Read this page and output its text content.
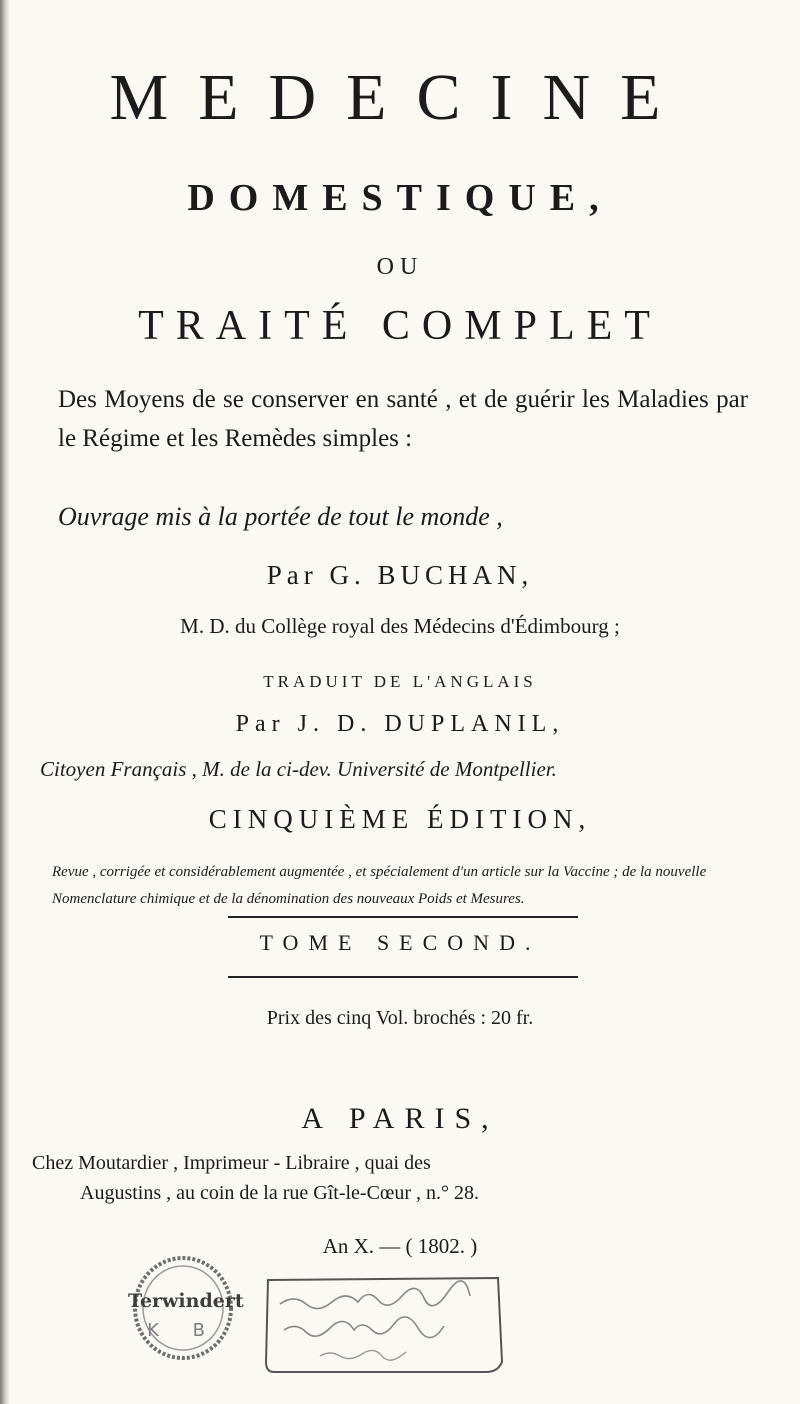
MEDECINE
DOMESTIQUE,
OU
TRAITÉ COMPLET
Des Moyens de se conserver en santé , et de guérir les Maladies par le Régime et les Remèdes simples :
Ouvrage mis à la portée de tout le monde ,
Par G. BUCHAN,
M. D. du Collège royal des Médecins d'Édimbourg ;
TRADUIT DE L'ANGLAIS
Par J. D. DUPLANIL,
Citoyen Français , M. de la ci-dev. Université de Montpellier.
CINQUIÈME ÉDITION,
Revue , corrigée et considérablement augmentée , et spécialement d'un article sur la Vaccine ; de la nouvelle Nomenclature chimique et de la dénomination des nouveaux Poids et Mesures.
TOME SECOND.
Prix des cinq Vol. brochés : 20 fr.
A PARIS,
Chez Moutardier , Imprimeur - Libraire , quai des
Augustins , au coin de la rue Gît-le-Cœur , n.° 28.
An X. — ( 1802. )
Terwindert
K B
